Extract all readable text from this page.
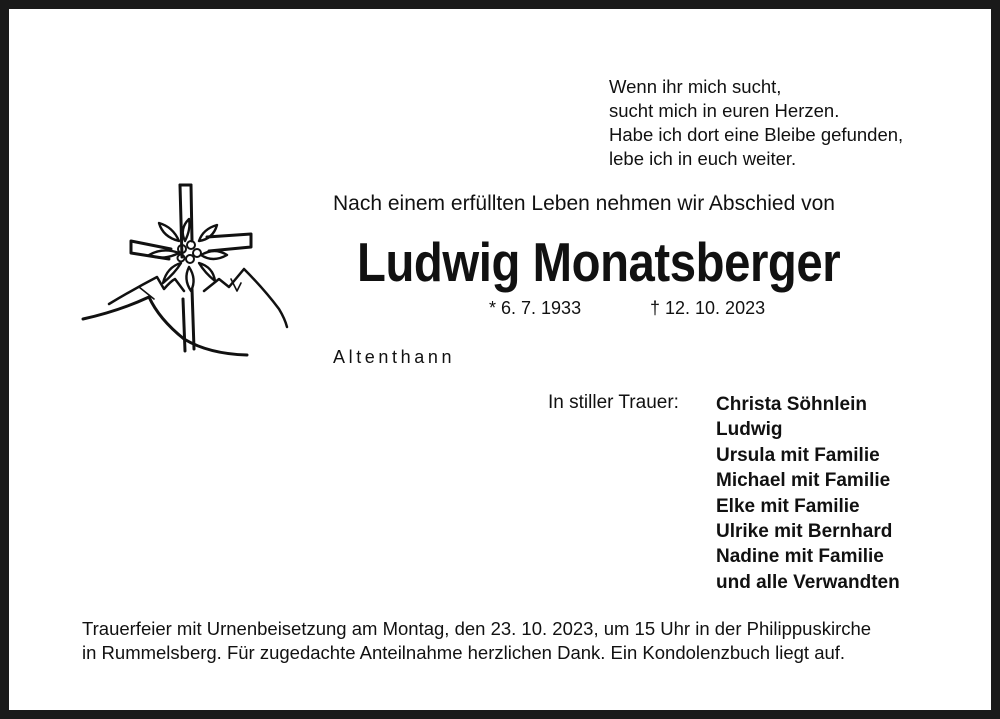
Wenn ihr mich sucht,
sucht mich in euren Herzen.
Habe ich dort eine Bleibe gefunden,
lebe ich in euch weiter.
Nach einem erfüllten Leben nehmen wir Abschied von
Ludwig Monatsberger
* 6. 7. 1933	† 12. 10. 2023
Altenthann
In stiller Trauer: Christa Söhnlein
Ludwig
Ursula mit Familie
Michael mit Familie
Elke mit Familie
Ulrike mit Bernhard
Nadine mit Familie
und alle Verwandten
Trauerfeier mit Urnenbeisetzung am Montag, den 23. 10. 2023, um 15 Uhr in der Philippuskirche
in Rummelsberg. Für zugedachte Anteilnahme herzlichen Dank. Ein Kondolenzbuch liegt auf.
